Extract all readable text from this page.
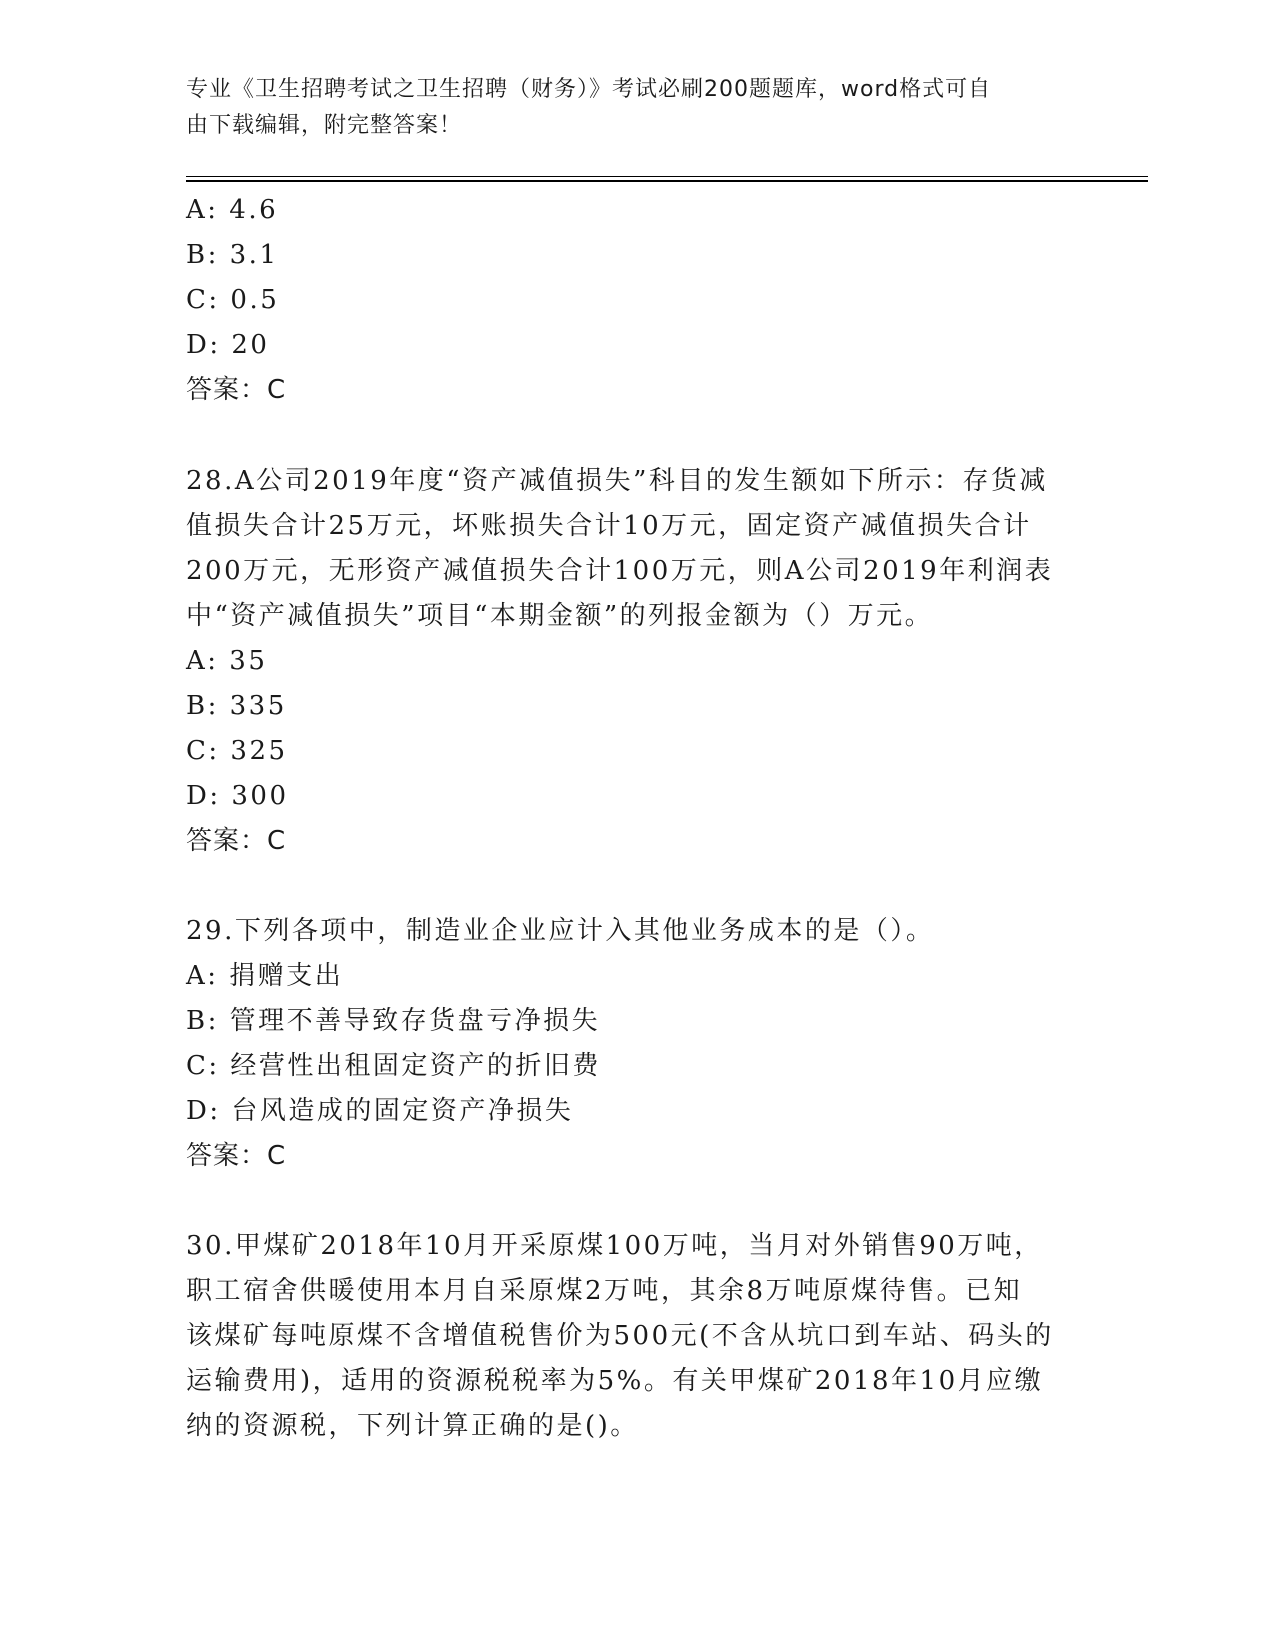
专业《卫生招聘考试之卫生招聘（财务）》考试必刷200题题库，word格式可自
由下载编辑，附完整答案！

A: 4.6

B: 3.1

C: 0.5

D: 20

答案：C

28.A公司2019年度“资产减值损失”科目的发生额如下所示：存货减

值损失合计25万元，坏账损失合计10万元，固定资产减值损失合计

200万元，无形资产减值损失合计100万元，则A公司2019年利润表

中“资产减值损失”项目“本期金额”的列报金额为（）万元。

A: 35

B: 335

C: 325

D: 300

答案：C

29.下列各项中，制造业企业应计入其他业务成本的是（）。

A: 捐赠支出

B: 管理不善导致存货盘亏净损失

C: 经营性出租固定资产的折旧费

D: 台风造成的固定资产净损失

答案：C

30.甲煤矿2018年10月开采原煤100万吨，当月对外销售90万吨，

职工宿舍供暖使用本月自采原煤2万吨，其余8万吨原煤待售。已知

该煤矿每吨原煤不含增值税售价为500元(不含从坑口到车站、码头的

运输费用)，适用的资源税税率为5%。有关甲煤矿2018年10月应缴

纳的资源税，下列计算正确的是()。
